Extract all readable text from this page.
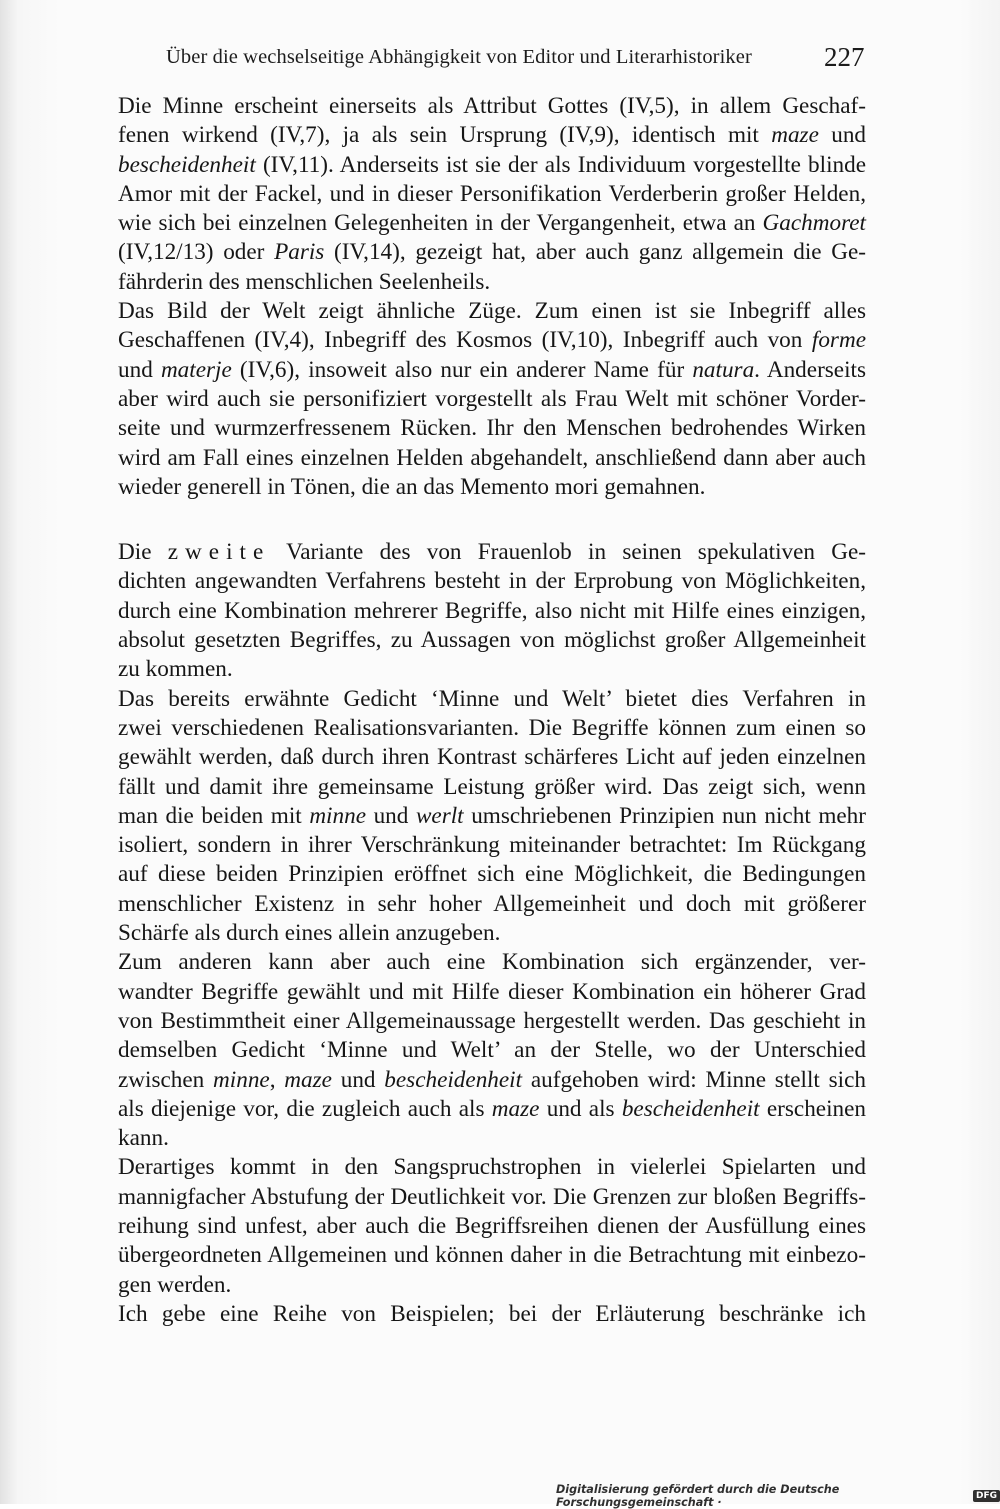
Über die wechselseitige Abhängigkeit von Editor und Literarhistoriker	227

Die Minne erscheint einerseits als Attribut Gottes (IV,5), in allem Geschaf-
fenen wirkend (IV,7), ja als sein Ursprung (IV,9), identisch mit maze und
bescheidenheit (IV,11). Anderseits ist sie der als Individuum vorgestellte blinde
Amor mit der Fackel, und in dieser Personifikation Verderberin großer Helden,
wie sich bei einzelnen Gelegenheiten in der Vergangenheit, etwa an Gachmoret
(IV,12/13) oder Paris (IV,14), gezeigt hat, aber auch ganz allgemein die Ge-
fährderin des menschlichen Seelenheils.

Das Bild der Welt zeigt ähnliche Züge. Zum einen ist sie Inbegriff alles
Geschaffenen (IV,4), Inbegriff des Kosmos (IV,10), Inbegriff auch von forme
und materje (IV,6), insoweit also nur ein anderer Name für natura. Anderseits
aber wird auch sie personifiziert vorgestellt als Frau Welt mit schöner Vorder-
seite und wurmzerfressenem Rücken. Ihr den Menschen bedrohendes Wirken
wird am Fall eines einzelnen Helden abgehandelt, anschließend dann aber auch
wieder generell in Tönen, die an das Memento mori gemahnen.

Die zweite Variante des von Frauenlob in seinen spekulativen Ge-
dichten angewandten Verfahrens besteht in der Erprobung von Möglichkeiten,
durch eine Kombination mehrerer Begriffe, also nicht mit Hilfe eines einzigen,
absolut gesetzten Begriffes, zu Aussagen von möglichst großer Allgemeinheit
zu kommen.

Das bereits erwähnte Gedicht ‘Minne und Welt’ bietet dies Verfahren in
zwei verschiedenen Realisationsvarianten. Die Begriffe können zum einen so
gewählt werden, daß durch ihren Kontrast schärferes Licht auf jeden einzelnen
fällt und damit ihre gemeinsame Leistung größer wird. Das zeigt sich, wenn
man die beiden mit minne und werlt umschriebenen Prinzipien nun nicht mehr
isoliert, sondern in ihrer Verschränkung miteinander betrachtet: Im Rückgang
auf diese beiden Prinzipien eröffnet sich eine Möglichkeit, die Bedingungen
menschlicher Existenz in sehr hoher Allgemeinheit und doch mit größerer
Schärfe als durch eines allein anzugeben.

Zum anderen kann aber auch eine Kombination sich ergänzender, ver-
wandter Begriffe gewählt und mit Hilfe dieser Kombination ein höherer Grad
von Bestimmtheit einer Allgemeinaussage hergestellt werden. Das geschieht in
demselben Gedicht ‘Minne und Welt’ an der Stelle, wo der Unterschied
zwischen minne, maze und bescheidenheit aufgehoben wird: Minne stellt sich
als diejenige vor, die zugleich auch als maze und als bescheidenheit erscheinen
kann.

Derartiges kommt in den Sangspruchstrophen in vielerlei Spielarten und
mannigfacher Abstufung der Deutlichkeit vor. Die Grenzen zur bloßen Begriffs-
reihung sind unfest, aber auch die Begriffsreihen dienen der Ausfüllung eines
übergeordneten Allgemeinen und können daher in die Betrachtung mit einbezo-
gen werden.

Ich gebe eine Reihe von Beispielen; bei der Erläuterung beschränke ich

Digitalisierung gefördert durch die Deutsche Forschungsgemeinschaft ·	DFG
